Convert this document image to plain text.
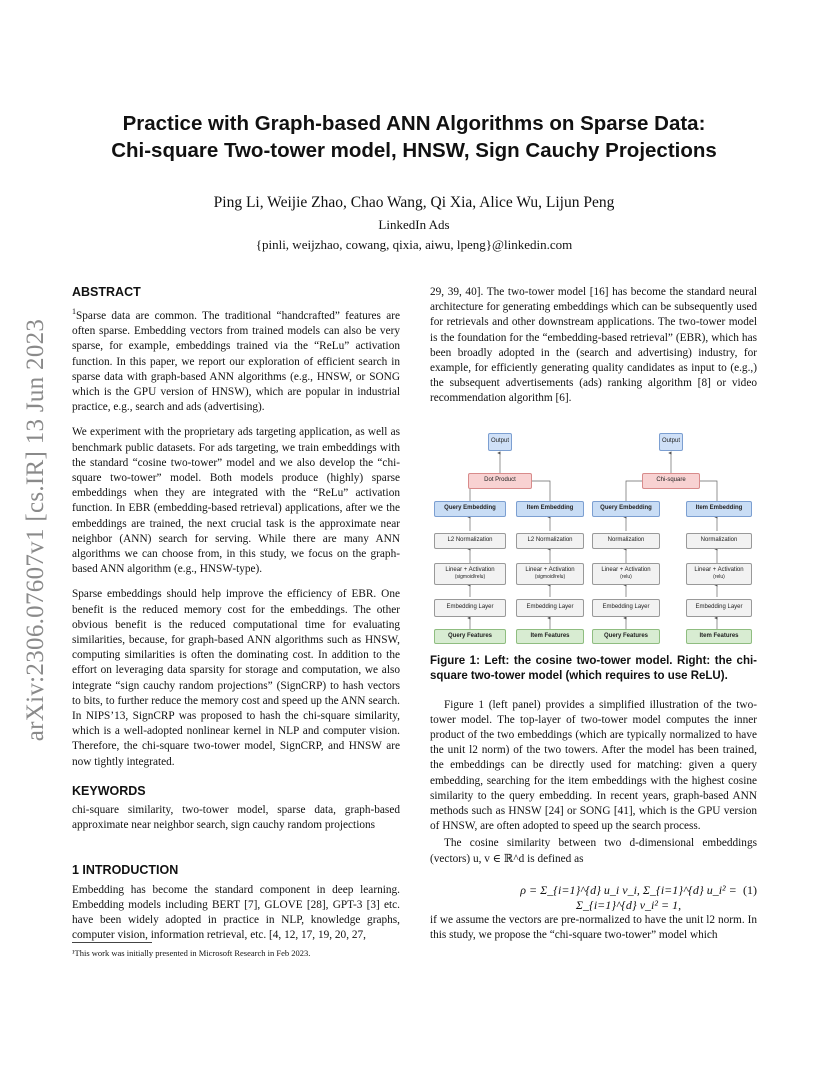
arXiv:2306.07607v1 [cs.IR] 13 Jun 2023
Practice with Graph-based ANN Algorithms on Sparse Data:
Chi-square Two-tower model, HNSW, Sign Cauchy Projections
Ping Li, Weijie Zhao, Chao Wang, Qi Xia, Alice Wu, Lijun Peng
LinkedIn Ads
{pinli, weijzhao, cowang, qixia, aiwu, lpeng}@linkedin.com
ABSTRACT

$^1$Sparse data are common. The traditional “handcrafted” features are often sparse. Embedding vectors from trained models can also be very sparse, for example, embeddings trained via the “ReLu” activation function. In this paper, we report our exploration of efficient search in sparse data with graph-based ANN algorithms (e.g., HNSW, or SONG which is the GPU version of HNSW), which are popular in industrial practice, e.g., search and ads (advertising).

We experiment with the proprietary ads targeting application, as well as benchmark public datasets. For ads targeting, we train embeddings with the standard “cosine two-tower” model and we also develop the “chi-square two-tower” model. Both models produce (highly) sparse embeddings when they are integrated with the “ReLu” activation function. In EBR (embedding-based retrieval) applications, after we the embeddings are trained, the next crucial task is the approximate near neighbor (ANN) search for serving. While there are many ANN algorithms we can choose from, in this study, we focus on the graph-based ANN algorithm (e.g., HNSW-type).

Sparse embeddings should help improve the efficiency of EBR. One benefit is the reduced memory cost for the embeddings. The other obvious benefit is the reduced computational time for evaluating similarities, because, for graph-based ANN algorithms such as HNSW, computing similarities is often the dominating cost. In addition to the effort on leveraging data sparsity for storage and computation, we also integrate “sign cauchy random projections” (SignCRP) to hash vectors to bits, to further reduce the memory cost and speed up the ANN search. In NIPS’13, SignCRP was proposed to hash the chi-square similarity, which is a well-adopted nonlinear kernel in NLP and computer vision. Therefore, the chi-square two-tower model, SignCRP, and HNSW are now tightly integrated.

KEYWORDS

chi-square similarity, two-tower model, sparse data, graph-based approximate near neighbor search, sign cauchy random projections

1 INTRODUCTION

Embedding has become the standard component in deep learning. Embedding models including BERT [7], GLOVE [28], GPT-3 [3] etc. have been widely adopted in practice in NLP, knowledge graphs, computer vision, information retrieval, etc. [4, 12, 17, 19, 20, 27,

¹This work was initially presented in Microsoft Research in Feb 2023.

29, 39, 40]. The two-tower model [16] has become the standard neural architecture for generating embeddings which can be subsequently used for retrievals and other downstream applications. The two-tower model is the foundation for the “embedding-based retrieval” (EBR), which has been broadly adopted in the (search and advertising) industry, for example, for efficiently generating quality candidates as input to (e.g.,) the subsequent advertisements (ads) ranking algorithm [8] or video recommendation algorithm [6].

Output
Dot Product
Query Embedding	Item Embedding
L2 Normalization	L2 Normalization
Linear + Activation
(sigmoid/relu)
Linear + Activation
(sigmoid/relu)
Embedding Layer	Embedding Layer
Query Features	Item Features
Output
Chi-square
Query Embedding	Item Embedding
Normalization	Normalization
Linear + Activation
(relu)
Linear + Activation
(relu)
Embedding Layer	Embedding Layer
Query Features	Item Features
Figure 1: Left: the cosine two-tower model. Right: the chi-square two-tower model (which requires to use ReLU).

Figure 1 (left panel) provides a simplified illustration of the two-tower model. The top-layer of two-tower model computes the inner product of the two embeddings (which are typically normalized to have the unit l2 norm) of the two towers. After the model has been trained, the embeddings can be directly used for matching: given a query embedding, searching for the item embeddings with the highest cosine similarity to the query embedding. In recent years, graph-based ANN methods such as HNSW [24] or SONG [41], which is the GPU version of HNSW, are often adopted to speed up the search process.

The cosine similarity between two d-dimensional embeddings (vectors) u, v ∈ ℝ^d is defined as

ρ = Σ_{i=1}^{d} u_i v_i, Σ_{i=1}^{d} u_i² = Σ_{i=1}^{d} v_i² = 1,
(1)

if we assume the vectors are pre-normalized to have the unit l2 norm. In this study, we propose the “chi-square two-tower” model which
